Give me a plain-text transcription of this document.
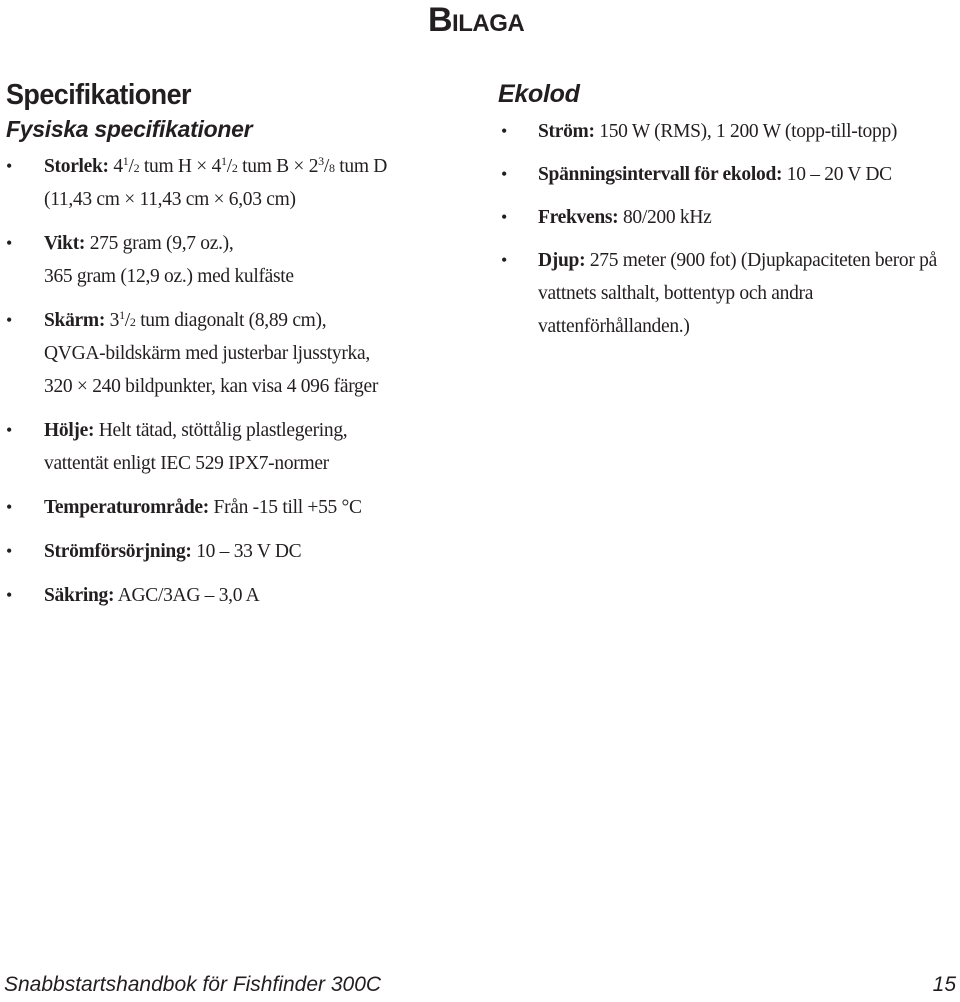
Bilaga
Specifikationer
Fysiska specifikationer
• Storlek: $4^1/2$ tum $H \times 4^1/2$ tum $B \times 2^3/8$ tum D
(11,43 cm × 11,43 cm × 6,03 cm)
• Vikt: 275 gram (9,7 oz.),
365 gram (12,9 oz.) med kulfäste
• Skärm: $3^1/2$ tum diagonalt (8,89 cm),
QVGA-bildskärm med justerbar ljusstyrka,
320 × 240 bildpunkter, kan visa 4 096 färger
• Hölje: Helt tätad, stöttålig plastlegering,
vattentät enligt IEC 529 IPX7-normer
• Temperaturområde: Från -15 till +55 °C
• Strömförsörjning: 10 – 33 V DC
• Säkring: AGC/3AG – 3,0 A
Ekolod
• Ström: 150 W (RMS), 1 200 W (topp-till-topp)
• Spänningsintervall för ekolod: 10 – 20 V DC
• Frekvens: 80/200 kHz
• Djup: 275 meter (900 fot) (Djupkapaciteten beror på vattnets salthalt, bottentyp och andra vattenförhållanden.)
Snabbstartshandbok för Fishfinder 300C	15
